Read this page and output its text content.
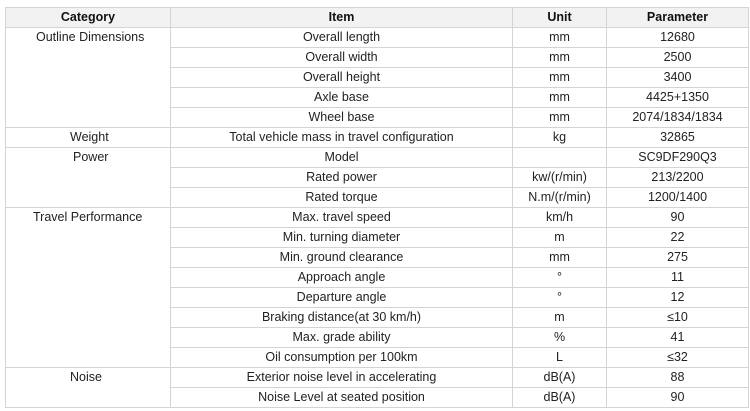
Category	Item	Unit	Parameter
Outline Dimensions	Overall length	mm	12680
	Overall width	mm	2500
	Overall height	mm	3400
	Axle base	mm	4425+1350
	Wheel base	mm	2074/1834/1834
Weight	Total vehicle mass in travel configuration	kg	32865
Power	Model		SC9DF290Q3
	Rated power	kw/(r/min)	213/2200
	Rated torque	N.m/(r/min)	1200/1400
Travel Performance	Max. travel speed	km/h	90
	Min. turning diameter	m	22
	Min. ground clearance	mm	275
	Approach angle	°	11
	Departure angle	°	12
	Braking distance(at 30 km/h)	m	≤10
	Max. grade ability	%	41
	Oil consumption per 100km	L	≤32
Noise	Exterior noise level in accelerating	dB(A)	88
	Noise Level at seated position	dB(A)	90
